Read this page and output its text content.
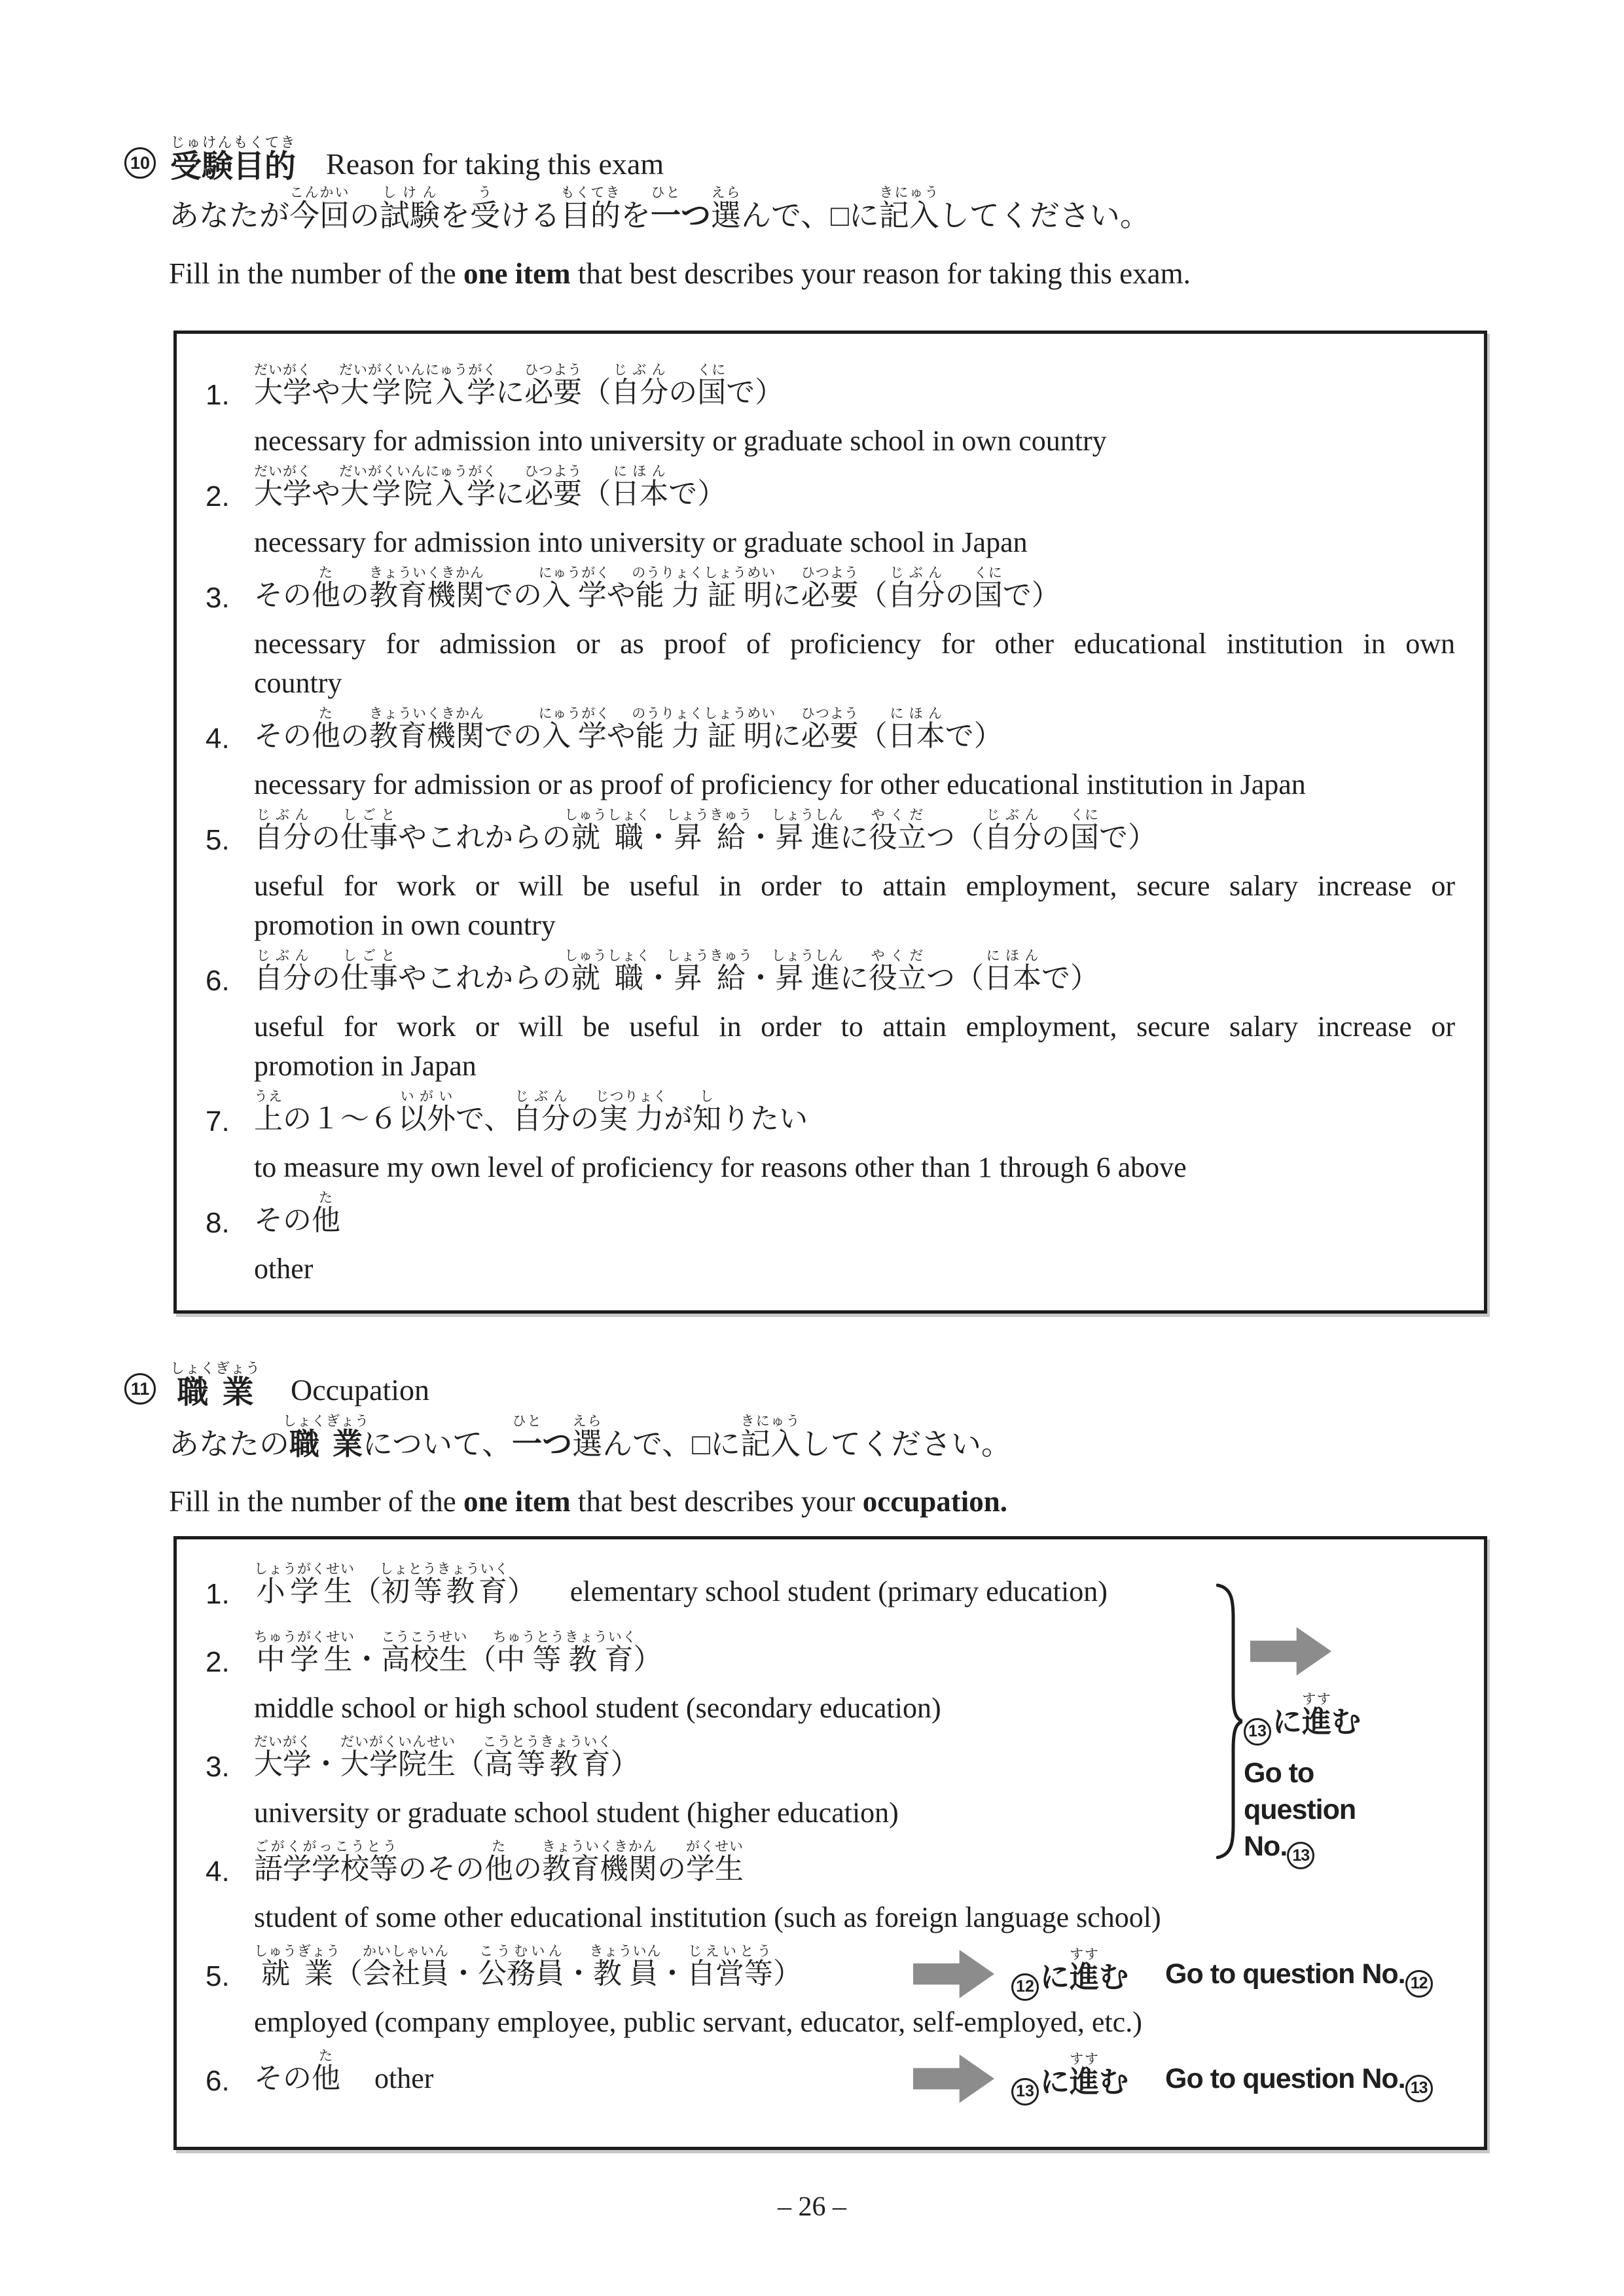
10 受験目的じゅけんもくてき
Reason for taking this exam
あなたが今回こんかいの試験しけんを受うける目的もくてきを一ひとつ選えらんで、□に記入きにゅうしてください。
Fill in the number of the one item that best describes your reason for taking this exam.
1. 大学だいがくや大学院入学だいがくいんにゅうがくに必要ひつよう（自分じぶんの国くにで）
necessary for admission into university or graduate school in own country
2. 大学だいがくや大学院入学だいがくいんにゅうがくに必要ひつよう（日本にほんで）
necessary for admission into university or graduate school in Japan
3. その他たの教育機関きょういくきかんでの入学にゅうがくや能力証明のうりょくしょうめいに必要ひつよう（自分じぶんの国くにで）
necessary for admission or as proof of proficiency for other educational institution in own
country
4. その他たの教育機関きょういくきかんでの入学にゅうがくや能力証明のうりょくしょうめいに必要ひつよう（日本にほんで）
necessary for admission or as proof of proficiency for other educational institution in Japan
5. 自分じぶんの仕事しごとやこれからの就職しゅうしょく・昇給しょうきゅう・昇進しょうしんに役立やくだつ（自分じぶんの国くにで）
useful for work or will be useful in order to attain employment, secure salary increase or
promotion in own country
6. 自分じぶんの仕事しごとやこれからの就職しゅうしょく・昇給しょうきゅう・昇進しょうしんに役立やくだつ（日本にほんで）
useful for work or will be useful in order to attain employment, secure salary increase or
promotion in Japan
7. 上うえの１～６以外いがいで、自分じぶんの実力じつりょくが知しりたい
to measure my own level of proficiency for reasons other than 1 through 6 above
8. その他た
other
11 職業しょくぎょう
Occupation
あなたの職業しょくぎょうについて、一ひとつ選えらんで、□に記入きにゅうしてください。
Fill in the number of the one item that best describes your occupation.
13 に進すすむ
Go to
question
No. 13
1. 小学生しょうがくせい（初等教育しょとうきょういく） elementary school student (primary education)
2. 中学生ちゅうがくせい・高校生こうこうせい（中等教育ちゅうとうきょういく）
middle school or high school student (secondary education)
3. 大学だいがく・大学院生だいがくいんせい（高等教育こうとうきょういく）
university or graduate school student (higher education)
4. 語学学校等ごがくがっこうとうのその他たの教育機関きょういくきかんの学生がくせい
student of some other educational institution (such as foreign language school)
5. 就業しゅうぎょう（会社員かいしゃいん・公務員こうむいん・教員きょういん・自営等じえいとう）	12 に進すすむ Go to question No. 12
employed (company employee, public servant, educator, self-employed, etc.)
6. その他たother	13 に進すすむ Go to question No. 13
– 26 –
